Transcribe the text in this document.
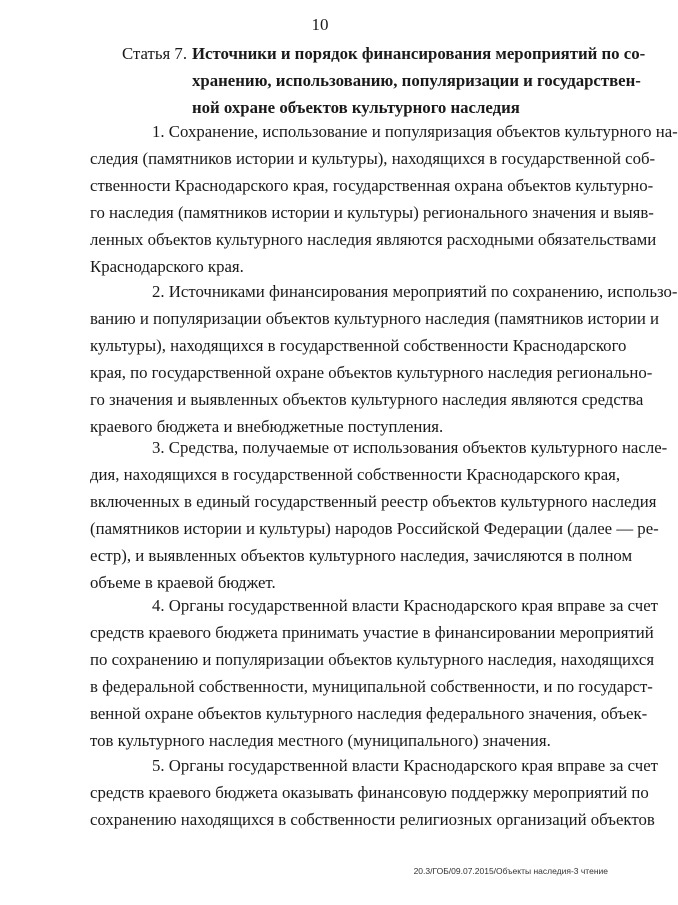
10
Статья 7. Источники и порядок финансирования мероприятий по со-
хранению, использованию, популяризации и государствен-
ной охране объектов культурного наследия

1. Сохранение, использование и популяризация объектов культурного на-
следия (памятников истории и культуры), находящихся в государственной соб-
ственности Краснодарского края, государственная охрана объектов культурно-
го наследия (памятников истории и культуры) регионального значения и выяв-
ленных объектов культурного наследия являются расходными обязательствами
Краснодарского края.

2. Источниками финансирования мероприятий по сохранению, использо-
ванию и популяризации объектов культурного наследия (памятников истории и
культуры), находящихся в государственной собственности Краснодарского
края, по государственной охране объектов культурного наследия регионально-
го значения и выявленных объектов культурного наследия являются средства
краевого бюджета и внебюджетные поступления.

3. Средства, получаемые от использования объектов культурного насле-
дия, находящихся в государственной собственности Краснодарского края,
включенных в единый государственный реестр объектов культурного наследия
(памятников истории и культуры) народов Российской Федерации (далее — ре-
естр), и выявленных объектов культурного наследия, зачисляются в полном
объеме в краевой бюджет.

4. Органы государственной власти Краснодарского края вправе за счет
средств краевого бюджета принимать участие в финансировании мероприятий
по сохранению и популяризации объектов культурного наследия, находящихся
в федеральной собственности, муниципальной собственности, и по государст-
венной охране объектов культурного наследия федерального значения, объек-
тов культурного наследия местного (муниципального) значения.

5. Органы государственной власти Краснодарского края вправе за счет
средств краевого бюджета оказывать финансовую поддержку мероприятий по
сохранению находящихся в собственности религиозных организаций объектов

20.3/ГОБ/09.07.2015/Объекты наследия-3 чтение
